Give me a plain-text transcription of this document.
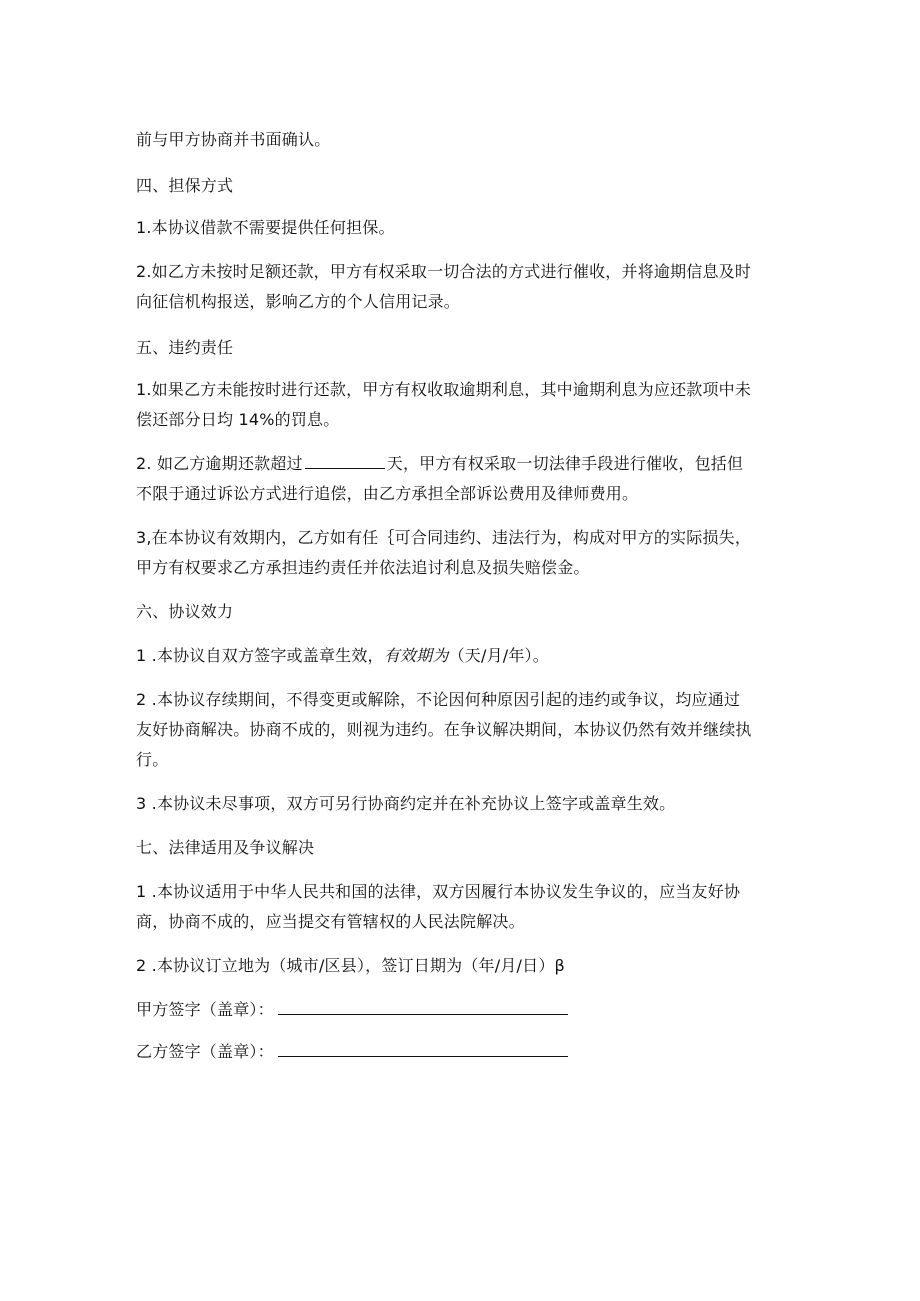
前与甲方协商并书面确认。
四、担保方式
1.本协议借款不需要提供任何担保。
2.如乙方未按时足额还款，甲方有权采取一切合法的方式进行催收，并将逾期信息及时
向征信机构报送，影响乙方的个人信用记录。
五、违约责任
1.如果乙方未能按时进行还款，甲方有权收取逾期利息，其中逾期利息为应还款项中未
偿还部分日均 14%的罚息。
2. 如乙方逾期还款超过	天，甲方有权采取一切法律手段进行催收，包括但
不限于通过诉讼方式进行追偿，由乙方承担全部诉讼费用及律师费用。
3,在本协议有效期内，乙方如有任｛可合同违约、违法行为，构成对甲方的实际损失，
甲方有权要求乙方承担违约责任并依法追讨利息及损失赔偿金。
六、协议效力
1 .本协议自双方签字或盖章生效，有效期为（天/月/年）。
2 .本协议存续期间，不得变更或解除，不论因何种原因引起的违约或争议，均应通过
友好协商解决。协商不成的，则视为违约。在争议解决期间，本协议仍然有效并继续执
行。
3 .本协议未尽事项，双方可另行协商约定并在补充协议上签字或盖章生效。
七、法律适用及争议解决
1 .本协议适用于中华人民共和国的法律，双方因履行本协议发生争议的，应当友好协
商，协商不成的，应当提交有管辖权的人民法院解决。
2 .本协议订立地为（城市/区县），签订日期为（年/月/日）β
甲方签字（盖章）：
乙方签字（盖章）：
